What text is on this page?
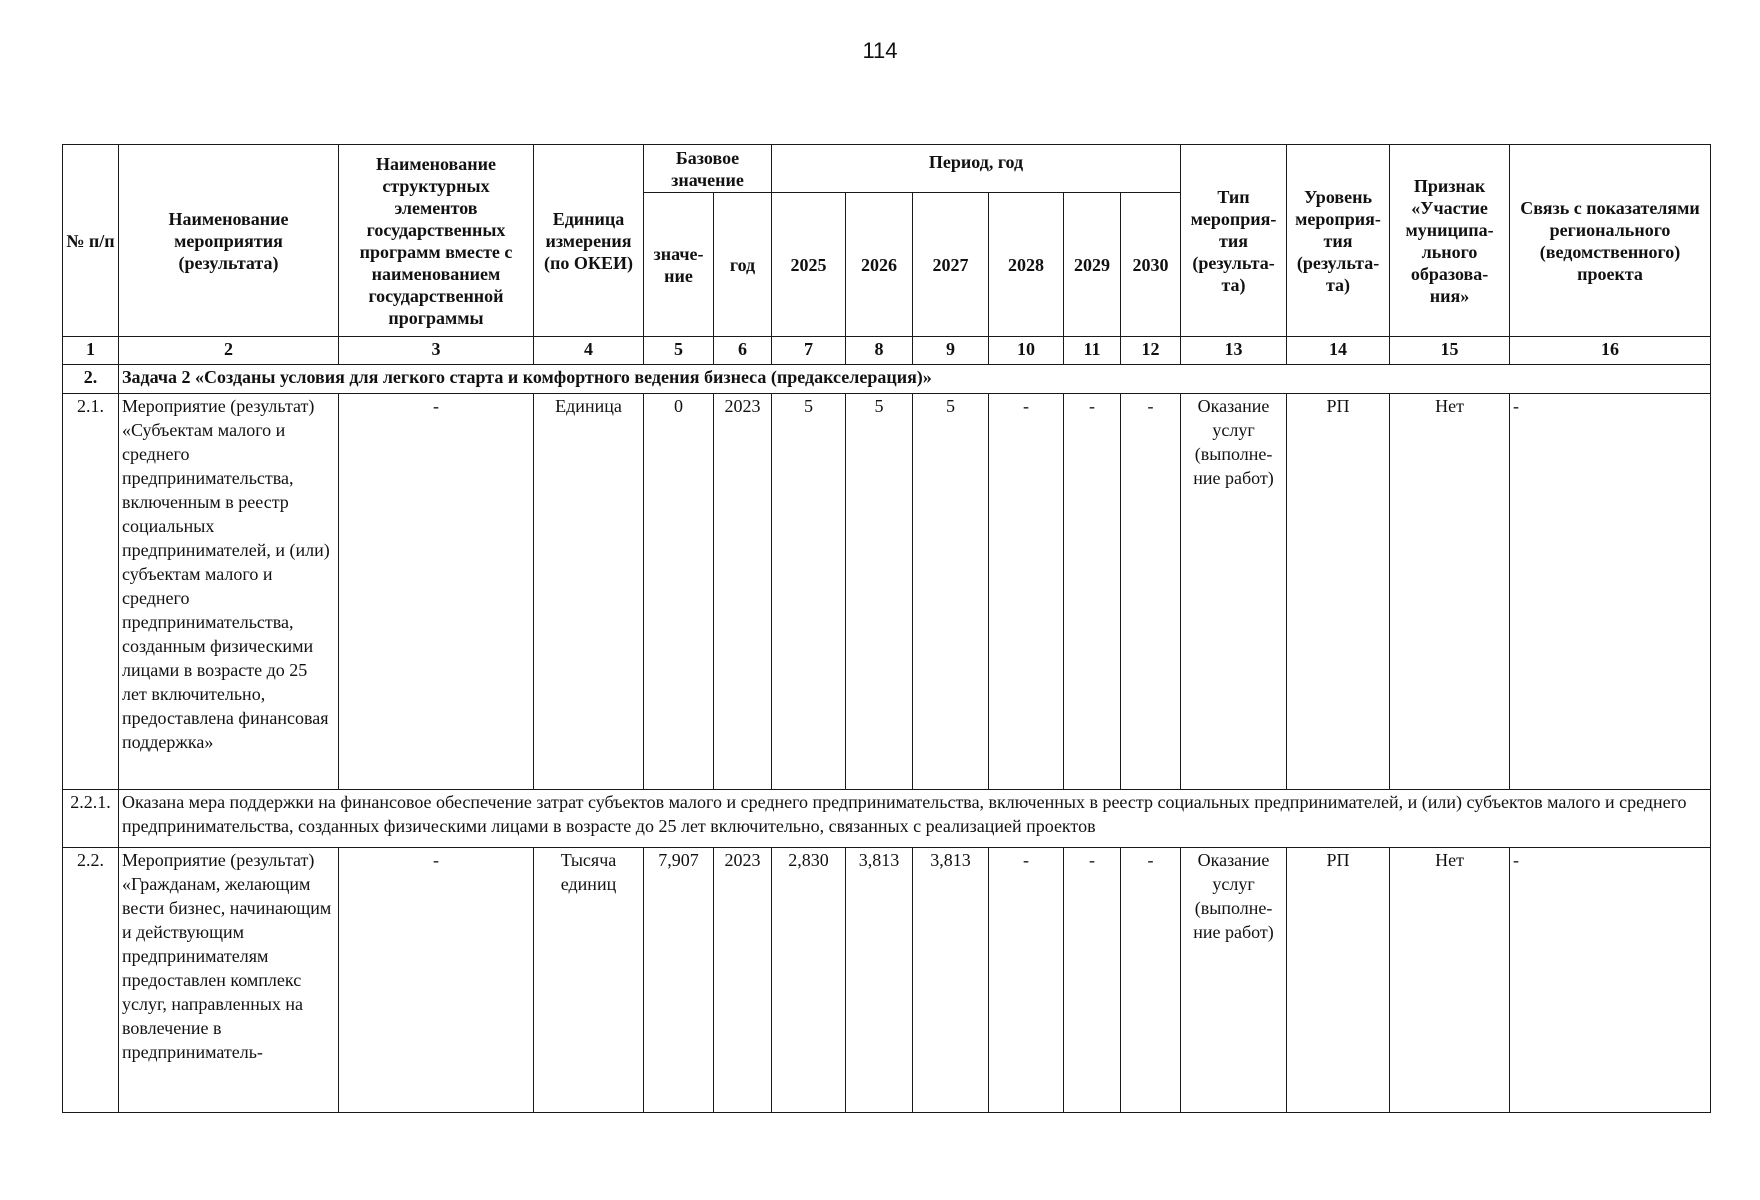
114
№ п/п	Наименование мероприятия (результата)	Наименование структурных элементов государственных программ вместе с наименованием государственной программы	Единица измерения (по ОКЕИ)	Базовое значение		Период, год						Тип мероприя-тия (результа-та)	Уровень мероприя-тия (результа-та)	Признак «Участие муниципа-льного образова-ния»	Связь с показателями регионального (ведомственного) проекта
				значе-ние	год	2025	2026	2027	2028	2029	2030				
1	2	3	4	5	6	7	8	9	10	11	12	13	14	15	16
2.	Задача 2 «Созданы условия для легкого старта и комфортного ведения бизнеса (предакселерация)»														
2.1.	Мероприятие (результат) «Субъектам малого и среднего предпринимательства, включенным в реестр социальных предпринимателей, и (или) субъектам малого и среднего предпринимательства, созданным физическими лицами в возрасте до 25 лет включительно, предоставлена финансовая поддержка»	-	Единица	0	2023	5	5	5	-	-	-	Оказание услуг (выполне-ние работ)	РП	Нет	-
2.2.1.	Оказана мера поддержки на финансовое обеспечение затрат субъектов малого и среднего предпринимательства, включенных в реестр социальных предпринимателей, и (или) субъектов малого и среднего предпринимательства, созданных физическими лицами в возрасте до 25 лет включительно, связанных с реализацией проектов														
2.2.	Мероприятие (результат) «Гражданам, желающим вести бизнес, начинающим и действующим предпринимателям предоставлен комплекс услуг, направленных на вовлечение в предприниматель-	-	Тысяча единиц	7,907	2023	2,830	3,813	3,813	-	-	-	Оказание услуг (выполне-ние работ)	РП	Нет	-
